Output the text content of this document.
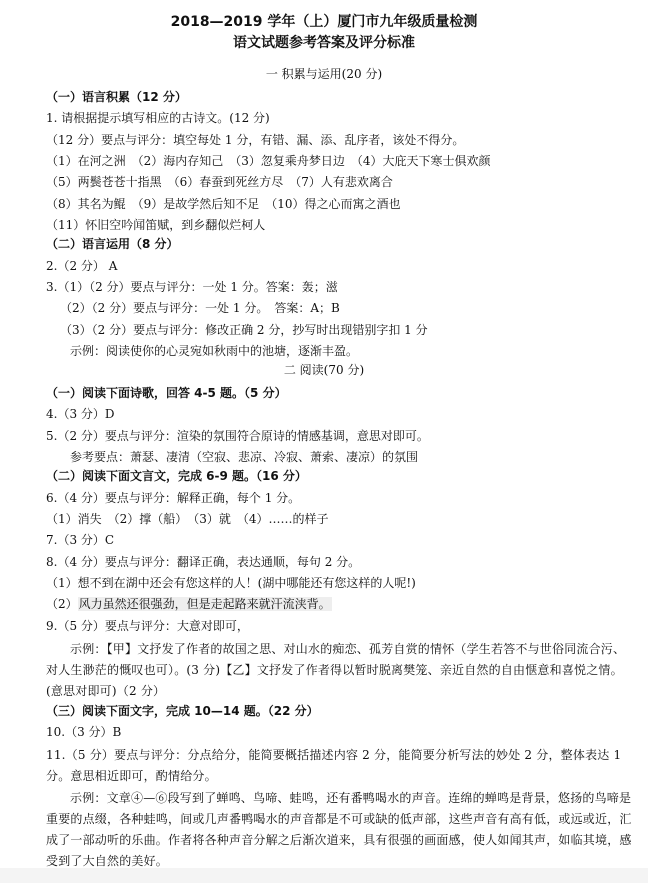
2018—2019 学年（上）厦门市九年级质量检测
语文试题参考答案及评分标准
一 积累与运用(20 分)
（一）语言积累（12 分）
1. 请根据提示填写相应的古诗文。(12 分)
（12 分）要点与评分：填空每处 1 分，有错、漏、添、乱序者，该处不得分。
（1）在河之洲　（2）海内存知己　（3）忽复乘舟梦日边　（4）大庇天下寒士俱欢颜
（5）两鬓苍苍十指黑　（6）春蚕到死丝方尽　（7）人有悲欢离合
（8）其名为鲲　（9）是故学然后知不足　（10）得之心而寓之酒也
（11）怀旧空吟闻笛赋，到乡翻似烂柯人
（二）语言运用（8 分）
2.（2 分） A
3.（1）（2 分）要点与评分：一处 1 分。答案：轰；滋
（2）（2 分）要点与评分：一处 1 分。　答案：A；B
（3）（2 分）要点与评分：修改正确 2 分，抄写时出现错别字扣 1 分
示例：阅读使你的心灵宛如秋雨中的池塘，逐渐丰盈。
二 阅读(70 分)
（一）阅读下面诗歌，回答 4-5 题。（5 分）
4.（3 分）D
5.（2 分）要点与评分：渲染的氛围符合原诗的情感基调，意思对即可。
参考要点：萧瑟、凄清（空寂、悲凉、冷寂、萧索、凄凉）的氛围
（二）阅读下面文言文，完成 6-9 题。（16 分）
6.（4 分）要点与评分：解释正确，每个 1 分。
（1）消失　（2）撑（船）　（3）就　（4）……的样子
7.（3 分）C
8.（4 分）要点与评分：翻译正确，表达通顺，每句 2 分。
（1）想不到在湖中还会有您这样的人！(湖中哪能还有您这样的人呢!)
（2）风力虽然还很强劲，但是走起路来就汗流浃背。
9.（5 分）要点与评分：大意对即可，
示例：【甲】文抒发了作者的故国之思、对山水的痴恋、孤芳自赏的情怀（学生若答不与世俗同流合污、对人生渺茫的慨叹也可）。(3 分)【乙】文抒发了作者得以暂时脱离樊笼、亲近自然的自由惬意和喜悦之情。(意思对即可)（2 分）
（三）阅读下面文字，完成 10—14 题。（22 分）
10.（3 分）B
11.（5 分）要点与评分：分点给分，能简要概括描述内容 2 分，能简要分析写法的妙处 2 分，整体表达 1 分。意思相近即可，酌情给分。
示例：文章④—⑥段写到了蝉鸣、鸟啼、蛙鸣，还有番鸭喝水的声音。连绵的蝉鸣是背景，悠扬的鸟啼是重要的点缀，各种蛙鸣，间或几声番鸭喝水的声音都是不可或缺的低声部，这些声音有高有低，或远或近，汇成了一部动听的乐曲。作者将各种声音分解之后渐次道来，具有很强的画面感，使人如闻其声，如临其境，感受到了大自然的美好。
